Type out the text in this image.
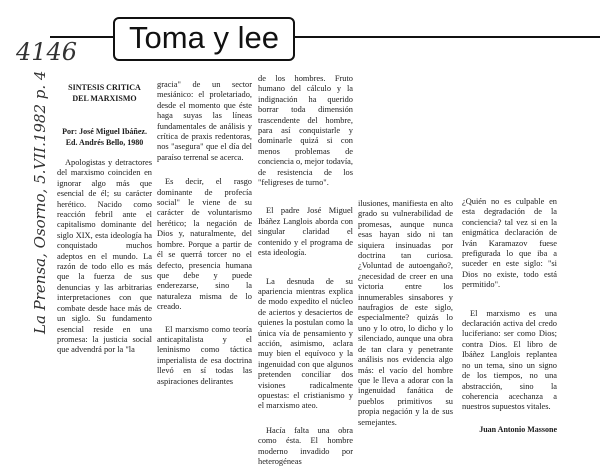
Toma y lee
4146
La Prensa, Osorno, 5.VII.1982 p. 4	SINTESIS CRITICA
DEL MARXISMO
Por: José Miguel Ibáñez.
Ed. Andrés Bello, 1980

Apologistas y detractores del marxismo coinciden en ignorar algo más que esencial de él; su carácter herético. Nacido como reacción febril ante el capitalismo dominante del siglo XIX, esta ideología ha conquistado muchos adeptos en el mundo. La razón de todo ello es más que la fuerza de sus denuncias y las arbitrarias interpretaciones con que combate desde hace más de un siglo. Su fundamento esencial reside en una promesa: la justicia social que advendrá por la "la

gracia" de un sector mesiánico: el proletariado, desde el momento que éste haga suyas las líneas fundamentales de análisis y crítica de praxis redentoras, nos "asegura" que el día del paraíso terrenal se acerca.

Es decir, el rasgo dominante de profecía social" le viene de su carácter de voluntarismo herético; la negación de Dios y, naturalmente, del hombre. Porque a partir de él se querrá torcer no el defecto, presencia humana que debe y puede enderezarse, sino la naturaleza misma de lo creado.

El marxismo como teoría anticapitalista y el leninismo como táctica imperialista de esa doctrina llevó en sí todas las aspiraciones delirantes

de los hombres. Fruto humano del cálculo y la indignación ha querido borrar toda dimensión trascendente del hombre, para así conquistarle y dominarle quizá si con menos problemas de conciencia o, mejor todavía, de resistencia de los "feligreses de turno".

El padre José Miguel Ibáñez Langlois aborda con singular claridad el contenido y el programa de esta ideología.

La desnuda de su apariencia mientras explica de modo expedito el núcleo de aciertos y desaciertos de quienes la postulan como la única vía de pensamiento y acción, asimismo, aclara muy bien el equívoco y la ingenuidad con que algunos pretenden conciliar dos visiones radicalmente opuestas: el cristianismo y el marxismo ateo.

Hacía falta una obra como ésta. El hombre moderno invadido por heterogéneas

ilusiones, manifiesta en alto grado su vulnerabilidad de promesas, aunque nunca esas hayan sido ni tan siquiera insinuadas por doctrina tan curiosa. ¿Voluntad de autoengaño?, ¿necesidad de creer en una victoria entre los innumerables sinsabores y naufragios de este siglo, especialmente? quizás lo uno y lo otro, lo dicho y lo silenciado, aunque una obra de tan clara y penetrante análisis nos evidencia algo más: el vacío del hombre que le lleva a adorar con la ingenuidad fanática de pueblos primitivos su propia negación y la de sus semejantes.

¿Quién no es culpable en esta degradación de la conciencia? tal vez si en la enigmática declaración de Iván Karamazov fuese prefigurada lo que iba a suceder en este siglo: "si Dios no existe, todo está permitido".

El marxismo es una declaración activa del credo luciferiano: ser como Dios; contra Dios. El libro de Ibáñez Langlois replantea no un tema, sino un signo de los tiempos, no una abstracción, sino la coherencia acechanza a nuestros supuestos vitales.

Juan Antonio Massone
